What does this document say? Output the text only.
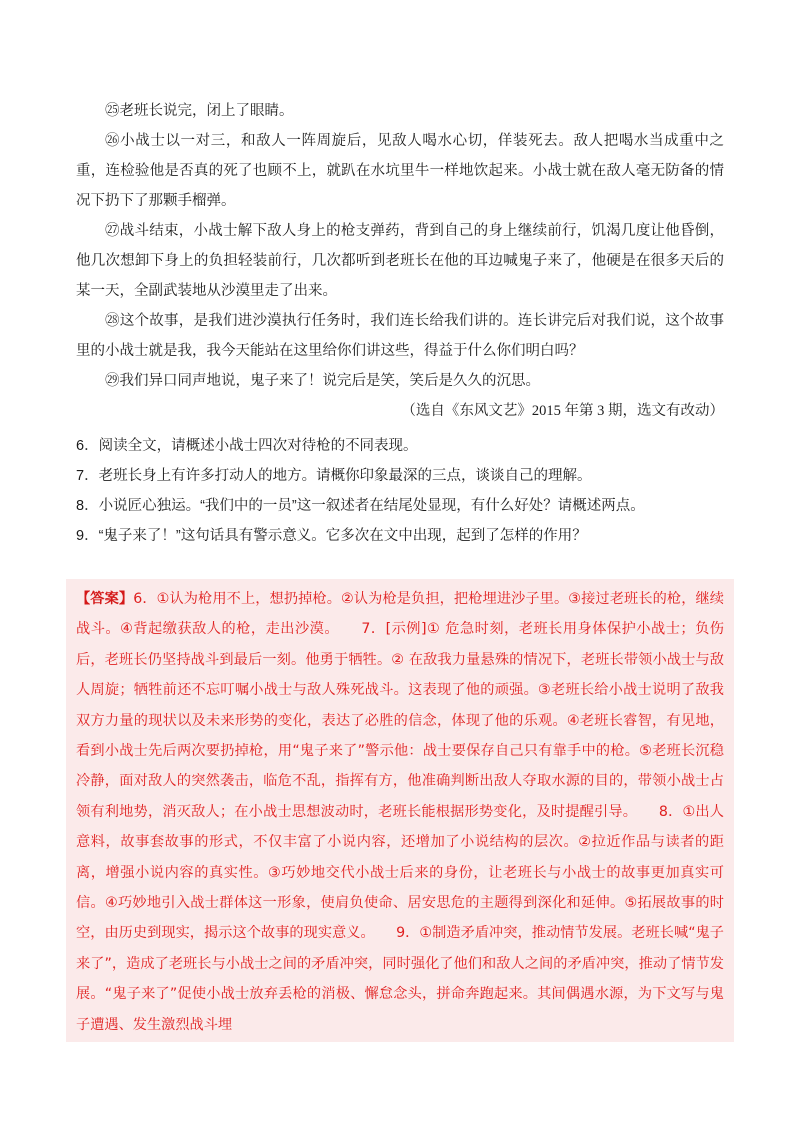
㉕老班长说完，闭上了眼睛。

㉖小战士以一对三，和敌人一阵周旋后，见敌人喝水心切，佯装死去。敌人把喝水当成重中之重，连检验他是否真的死了也顾不上，就趴在水坑里牛一样地饮起来。小战士就在敌人毫无防备的情况下扔下了那颗手榴弹。

㉗战斗结束，小战士解下敌人身上的枪支弹药，背到自己的身上继续前行，饥渴几度让他昏倒，他几次想卸下身上的负担轻装前行，几次都听到老班长在他的耳边喊鬼子来了，他硬是在很多天后的某一天，全副武装地从沙漠里走了出来。

㉘这个故事，是我们进沙漠执行任务时，我们连长给我们讲的。连长讲完后对我们说，这个故事里的小战士就是我，我今天能站在这里给你们讲这些，得益于什么你们明白吗？

㉙我们异口同声地说，鬼子来了！说完后是笑，笑后是久久的沉思。

（选自《东风文艺》2015 年第 3 期，选文有改动）

6．阅读全文，请概述小战士四次对待枪的不同表现。

7．老班长身上有许多打动人的地方。请概你印象最深的三点，谈谈自己的理解。

8．小说匠心独运。“我们中的一员”这一叙述者在结尾处显现，有什么好处？请概述两点。

9．“鬼子来了！”这句话具有警示意义。它多次在文中出现，起到了怎样的作用？

【答案】6．①认为枪用不上，想扔掉枪。②认为枪是负担，把枪埋进沙子里。③接过老班长的枪，继续战斗。④背起缴获敌人的枪，走出沙漠。　　7．[示例]① 危急时刻，老班长用身体保护小战士；负伤后，老班长仍坚持战斗到最后一刻。他勇于牺牲。② 在敌我力量悬殊的情况下，老班长带领小战士与敌人周旋；牺牲前还不忘叮嘱小战士与敌人殊死战斗。这表现了他的顽强。③老班长给小战士说明了敌我双方力量的现状以及未来形势的变化，表达了必胜的信念，体现了他的乐观。④老班长睿智，有见地，看到小战士先后两次要扔掉枪，用“鬼子来了”警示他：战士要保存自己只有靠手中的枪。⑤老班长沉稳冷静，面对敌人的突然袭击，临危不乱，指挥有方，他准确判断出敌人夺取水源的目的，带领小战士占领有利地势，消灭敌人；在小战士思想波动时，老班长能根据形势变化，及时提醒引导。　　8．①出人意料，故事套故事的形式，不仅丰富了小说内容，还增加了小说结构的层次。②拉近作品与读者的距离，增强小说内容的真实性。③巧妙地交代小战士后来的身份，让老班长与小战士的故事更加真实可信。④巧妙地引入战士群体这一形象，使肩负使命、居安思危的主题得到深化和延伸。⑤拓展故事的时空，由历史到现实，揭示这个故事的现实意义。　　9．①制造矛盾冲突，推动情节发展。老班长喊“鬼子来了”，造成了老班长与小战士之间的矛盾冲突，同时强化了他们和敌人之间的矛盾冲突，推动了情节发展。“鬼子来了”促使小战士放弃丢枪的消极、懈怠念头，拼命奔跑起来。其间偶遇水源，为下文写与鬼子遭遇、发生激烈战斗埋
